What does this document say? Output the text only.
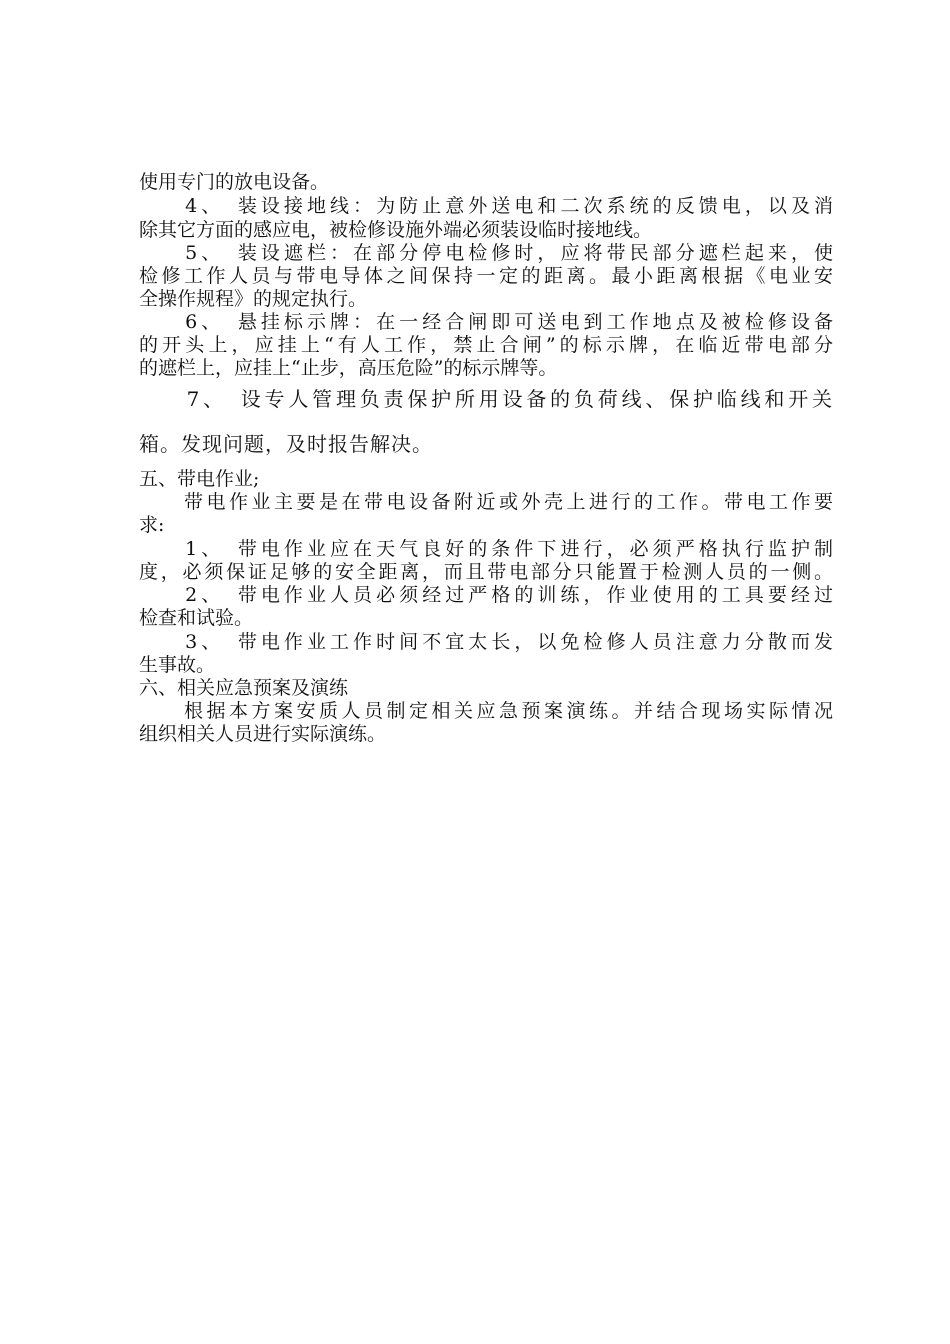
使用专门的放电设备。
　　4、　装设接地线：为防止意外送电和二次系统的反馈电，以及消
除其它方面的感应电，被检修设施外端必须装设临时接地线。
　　5、　装设遮栏：在部分停电检修时，应将带民部分遮栏起来，使
检修工作人员与带电导体之间保持一定的距离。最小距离根据《电业安
全操作规程》的规定执行。
　　6、　悬挂标示牌：在一经合闸即可送电到工作地点及被检修设备
的开头上，应挂上“有人工作，禁止合闸”的标示牌，在临近带电部分
的遮栏上，应挂上“止步，高压危险”的标示牌等。
　　7、　设专人管理负责保护所用设备的负荷线、保护临线和开关
箱。发现问题，及时报告解决。
五、带电作业;
　　带电作业主要是在带电设备附近或外壳上进行的工作。带电工作要
求:
　　1、　带电作业应在天气良好的条件下进行，必须严格执行监护制
度，必须保证足够的安全距离，而且带电部分只能置于检测人员的一侧。
　　2、　带电作业人员必须经过严格的训练，作业使用的工具要经过
检查和试验。
　　3、　带电作业工作时间不宜太长，以免检修人员注意力分散而发
生事故。
六、相关应急预案及演练
　　根据本方案安质人员制定相关应急预案演练。并结合现场实际情况
组织相关人员进行实际演练。
